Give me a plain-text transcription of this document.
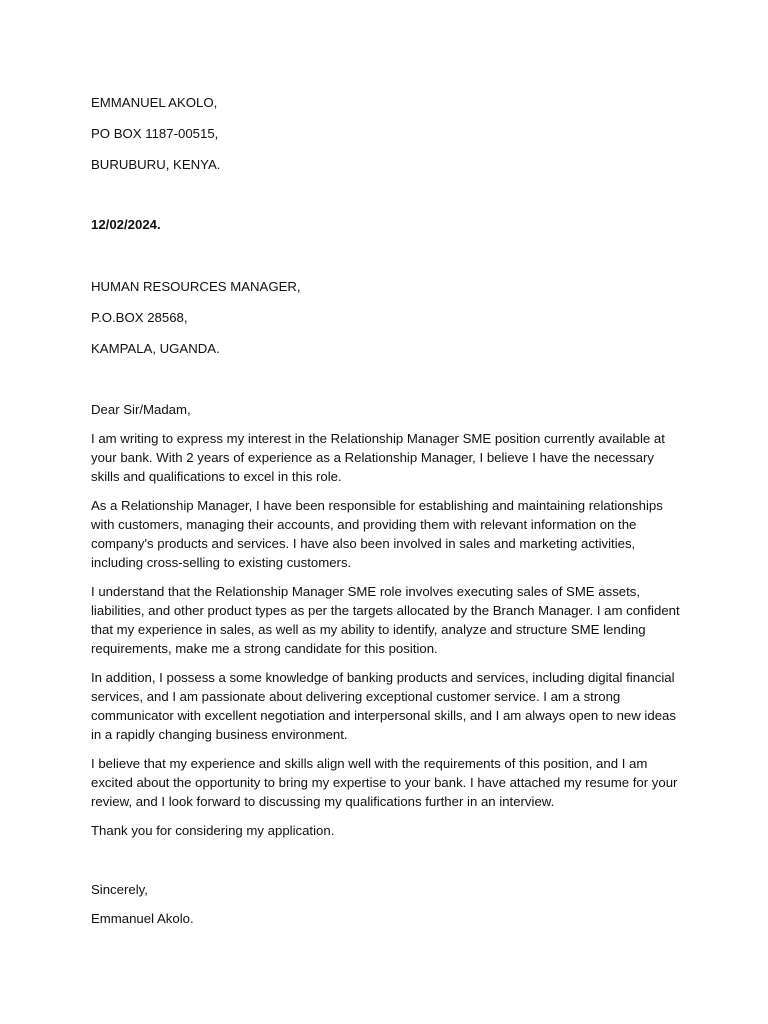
EMMANUEL AKOLO,
PO BOX 1187-00515,
BURUBURU, KENYA.
12/02/2024.
HUMAN RESOURCES MANAGER,
P.O.BOX 28568,
KAMPALA, UGANDA.
Dear Sir/Madam,

I am writing to express my interest in the Relationship Manager SME position currently available at your bank. With 2 years of experience as a Relationship Manager, I believe I have the necessary skills and qualifications to excel in this role.

As a Relationship Manager, I have been responsible for establishing and maintaining relationships with customers, managing their accounts, and providing them with relevant information on the company's products and services. I have also been involved in sales and marketing activities, including cross-selling to existing customers.

I understand that the Relationship Manager SME role involves executing sales of SME assets, liabilities, and other product types as per the targets allocated by the Branch Manager. I am confident that my experience in sales, as well as my ability to identify, analyze and structure SME lending requirements, make me a strong candidate for this position.

In addition, I possess a some knowledge of banking products and services, including digital financial services, and I am passionate about delivering exceptional customer service. I am a strong communicator with excellent negotiation and interpersonal skills, and I am always open to new ideas in a rapidly changing business environment.

I believe that my experience and skills align well with the requirements of this position, and I am excited about the opportunity to bring my expertise to your bank. I have attached my resume for your review, and I look forward to discussing my qualifications further in an interview.

Thank you for considering my application.

Sincerely,
Emmanuel Akolo.
